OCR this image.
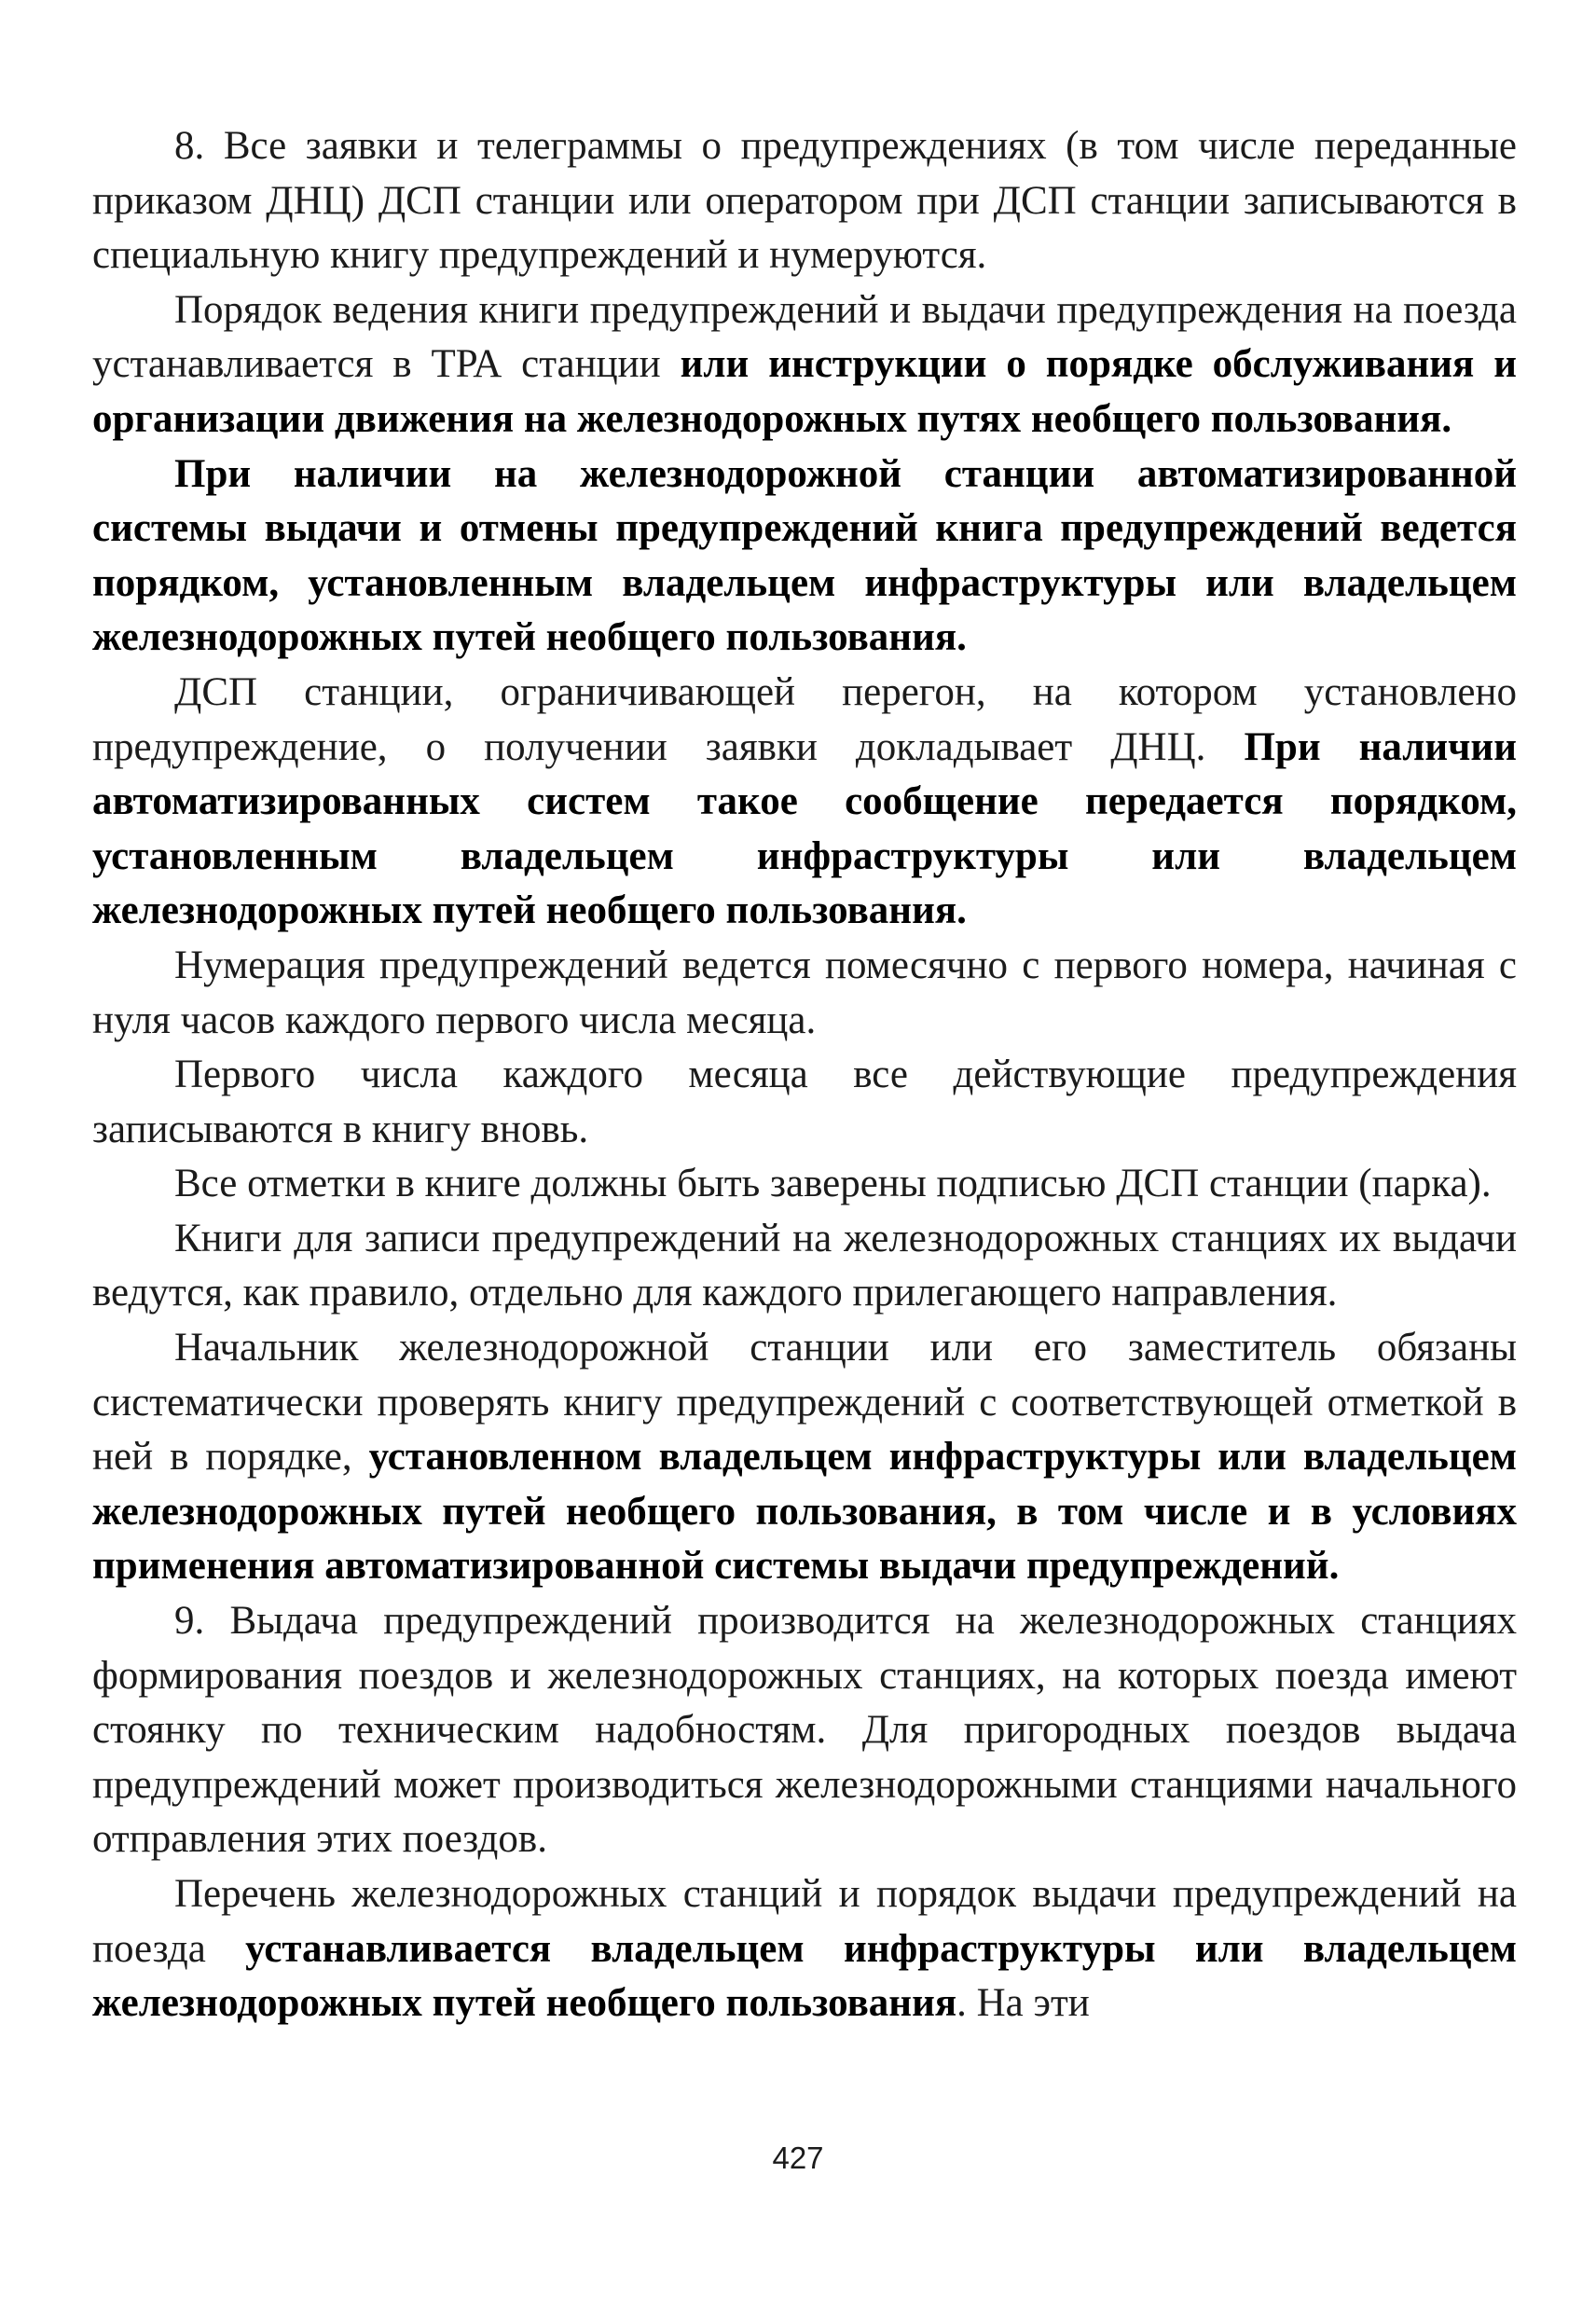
8. Все заявки и телеграммы о предупреждениях (в том числе переданные приказом ДНЦ) ДСП станции или оператором при ДСП станции записываются в специальную книгу предупреждений и нумеруются.

Порядок ведения книги предупреждений и выдачи предупреждения на поезда устанавливается в ТРА станции или инструкции о порядке обслуживания и организации движения на железнодорожных путях необщего пользования.

При наличии на железнодорожной станции автоматизированной системы выдачи и отмены предупреждений книга предупреждений ведется порядком, установленным владельцем инфраструктуры или владельцем железнодорожных путей необщего пользования.

ДСП станции, ограничивающей перегон, на котором установлено предупреждение, о получении заявки докладывает ДНЦ. При наличии автоматизированных систем такое сообщение передается порядком, установленным владельцем инфраструктуры или владельцем железнодорожных путей необщего пользования.

Нумерация предупреждений ведется помесячно с первого номера, начиная с нуля часов каждого первого числа месяца.

Первого числа каждого месяца все действующие предупреждения записываются в книгу вновь.

Все отметки в книге должны быть заверены подписью ДСП станции (парка).

Книги для записи предупреждений на железнодорожных станциях их выдачи ведутся, как правило, отдельно для каждого прилегающего направления.

Начальник железнодорожной станции или его заместитель обязаны систематически проверять книгу предупреждений с соответствующей отметкой в ней в порядке, установленном владельцем инфраструктуры или владельцем железнодорожных путей необщего пользования, в том числе и в условиях применения автоматизированной системы выдачи предупреждений.

9. Выдача предупреждений производится на железнодорожных станциях формирования поездов и железнодорожных станциях, на которых поезда имеют стоянку по техническим надобностям. Для пригородных поездов выдача предупреждений может производиться железнодорожными станциями начального отправления этих поездов.

Перечень железнодорожных станций и порядок выдачи предупреждений на поезда устанавливается владельцем инфраструктуры или владельцем железнодорожных путей необщего пользования. На эти

427
